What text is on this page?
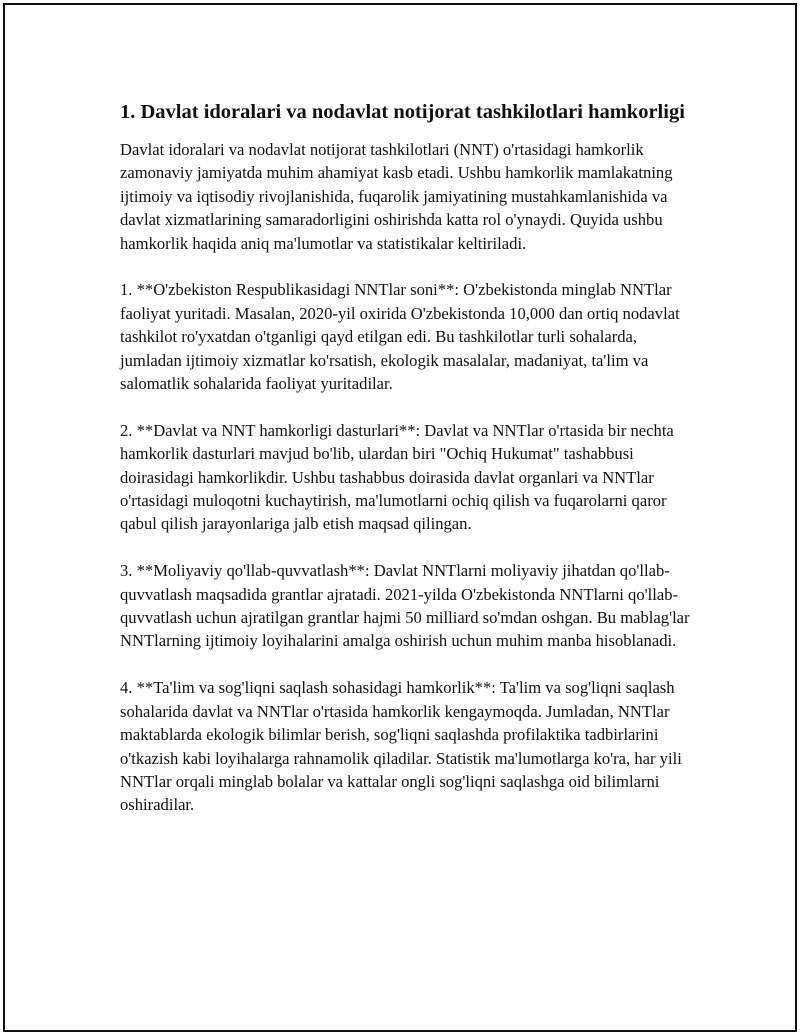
1. Davlat idoralari va nodavlat notijorat tashkilotlari hamkorligi

Davlat idoralari va nodavlat notijorat tashkilotlari (NNT) o'rtasidagi hamkorlik zamonaviy jamiyatda muhim ahamiyat kasb etadi. Ushbu hamkorlik mamlakatning ijtimoiy va iqtisodiy rivojlanishida, fuqarolik jamiyatining mustahkamlanishida va davlat xizmatlarining samaradorligini oshirishda katta rol o'ynaydi. Quyida ushbu hamkorlik haqida aniq ma'lumotlar va statistikalar keltiriladi.

1. **O'zbekiston Respublikasidagi NNTlar soni**: O'zbekistonda minglab NNTlar faoliyat yuritadi. Masalan, 2020-yil oxirida O'zbekistonda 10,000 dan ortiq nodavlat tashkilot ro'yxatdan o'tganligi qayd etilgan edi. Bu tashkilotlar turli sohalarda, jumladan ijtimoiy xizmatlar ko'rsatish, ekologik masalalar, madaniyat, ta'lim va salomatlik sohalarida faoliyat yuritadilar.

2. **Davlat va NNT hamkorligi dasturlari**: Davlat va NNTlar o'rtasida bir nechta hamkorlik dasturlari mavjud bo'lib, ulardan biri "Ochiq Hukumat" tashabbusi doirasidagi hamkorlikdir. Ushbu tashabbus doirasida davlat organlari va NNTlar o'rtasidagi muloqotni kuchaytirish, ma'lumotlarni ochiq qilish va fuqarolarni qaror qabul qilish jarayonlariga jalb etish maqsad qilingan.

3. **Moliyaviy qo'llab-quvvatlash**: Davlat NNTlarni moliyaviy jihatdan qo'llab-quvvatlash maqsadida grantlar ajratadi. 2021-yilda O'zbekistonda NNTlarni qo'llab-quvvatlash uchun ajratilgan grantlar hajmi 50 milliard so'mdan oshgan. Bu mablag'lar NNTlarning ijtimoiy loyihalarini amalga oshirish uchun muhim manba hisoblanadi.

4. **Ta'lim va sog'liqni saqlash sohasidagi hamkorlik**: Ta'lim va sog'liqni saqlash sohalarida davlat va NNTlar o'rtasida hamkorlik kengaymoqda. Jumladan, NNTlar maktablarda ekologik bilimlar berish, sog'liqni saqlashda profilaktika tadbirlarini o'tkazish kabi loyihalarga rahnamolik qiladilar. Statistik ma'lumotlarga ko'ra, har yili NNTlar orqali minglab bolalar va kattalar ongli sog'liqni saqlashga oid bilimlarni oshiradilar.
